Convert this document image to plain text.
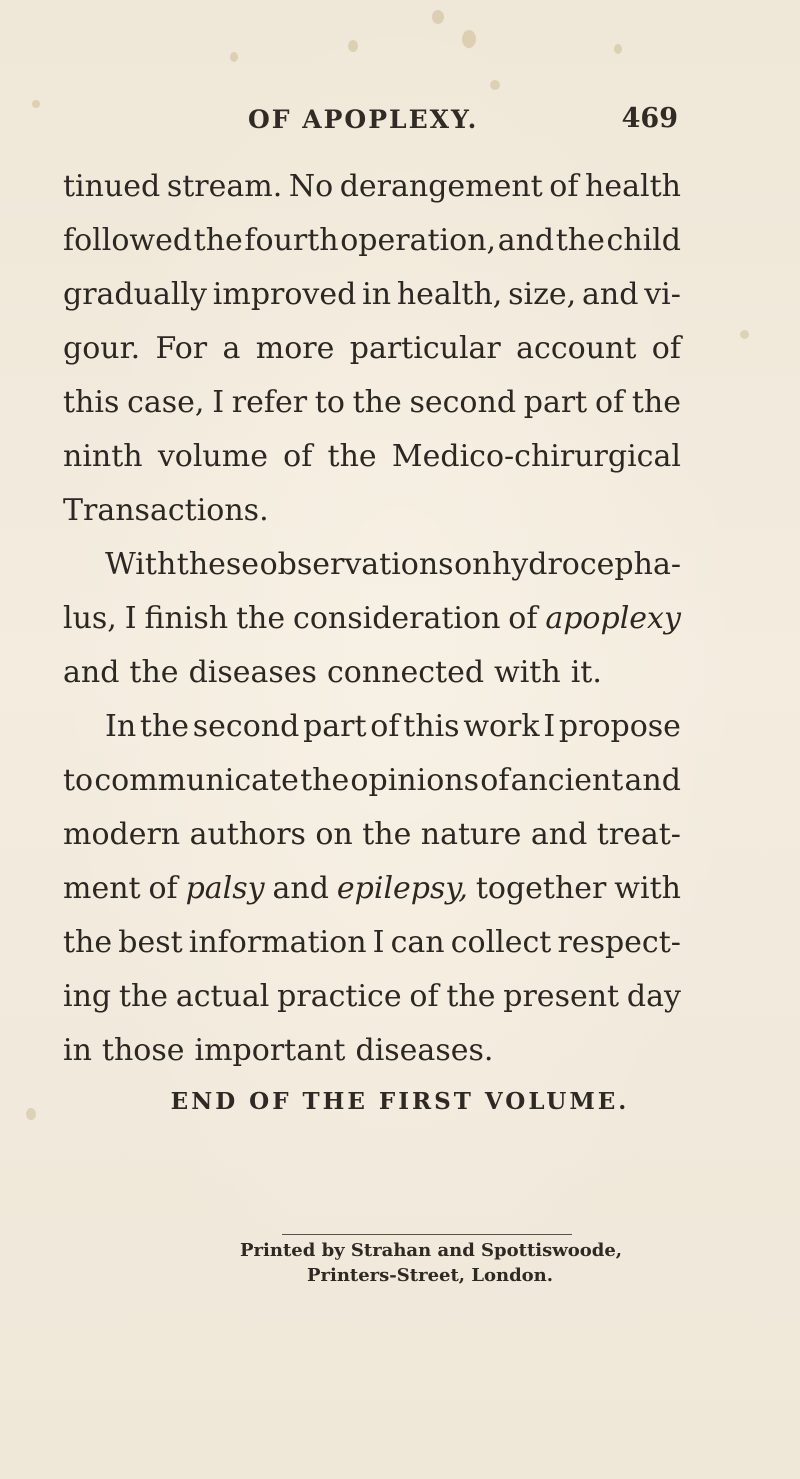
OF APOPLEXY.	469
tinued stream. No derangement of health
followed the fourth operation, and the child
gradually improved in health, size, and vi-
gour. For a more particular account of
this case, I refer to the second part of the
ninth volume of the Medico-chirurgical
Transactions.
With these observations on hydrocepha-
lus, I finish the consideration of apoplexy
and the diseases connected with it.
In the second part of this work I propose
to communicate the opinions of ancient and
modern authors on the nature and treat-
ment of palsy and epilepsy, together with
the best information I can collect respect-
ing the actual practice of the present day
in those important diseases.
END OF THE FIRST VOLUME.
Printed by Strahan and Spottiswoode,
Printers-Street, London.
